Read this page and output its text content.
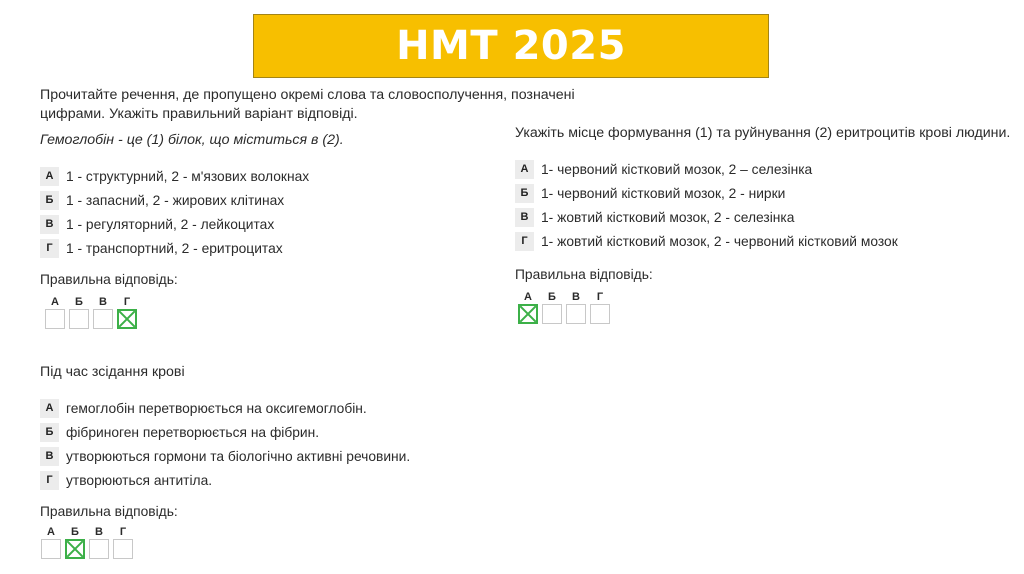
НМТ 2025

Прочитайте речення, де пропущено окремі слова та словосполучення, позначені цифрами. Укажіть правильний варіант відповіді.

Гемоглобін - це (1) білок, що міститься в (2).

А 1 - структурний, 2 - м'язових волокнах
Б 1 - запасний, 2 - жирових клітинах
В 1 - регуляторний, 2 - лейкоцитах
Г 1 - транспортний, 2 - еритроцитах

Правильна відповідь:

А Б В Г

Укажіть місце формування (1) та руйнування (2) еритроцитів крові людини.

А 1- червоний кістковий мозок, 2 – селезінка
Б 1- червоний кістковий мозок, 2 - нирки
В 1- жовтий кістковий мозок, 2 - селезінка
Г 1- жовтий кістковий мозок, 2 - червоний кістковий мозок

Правильна відповідь:

А Б В Г

Під час зсідання крові

А гемоглобін перетворюється на оксигемоглобін.
Б фібриноген перетворюється на фібрин.
В утворюються гормони та біологічно активні речовини.
Г утворюються антитіла.

Правильна відповідь:

А Б В Г
